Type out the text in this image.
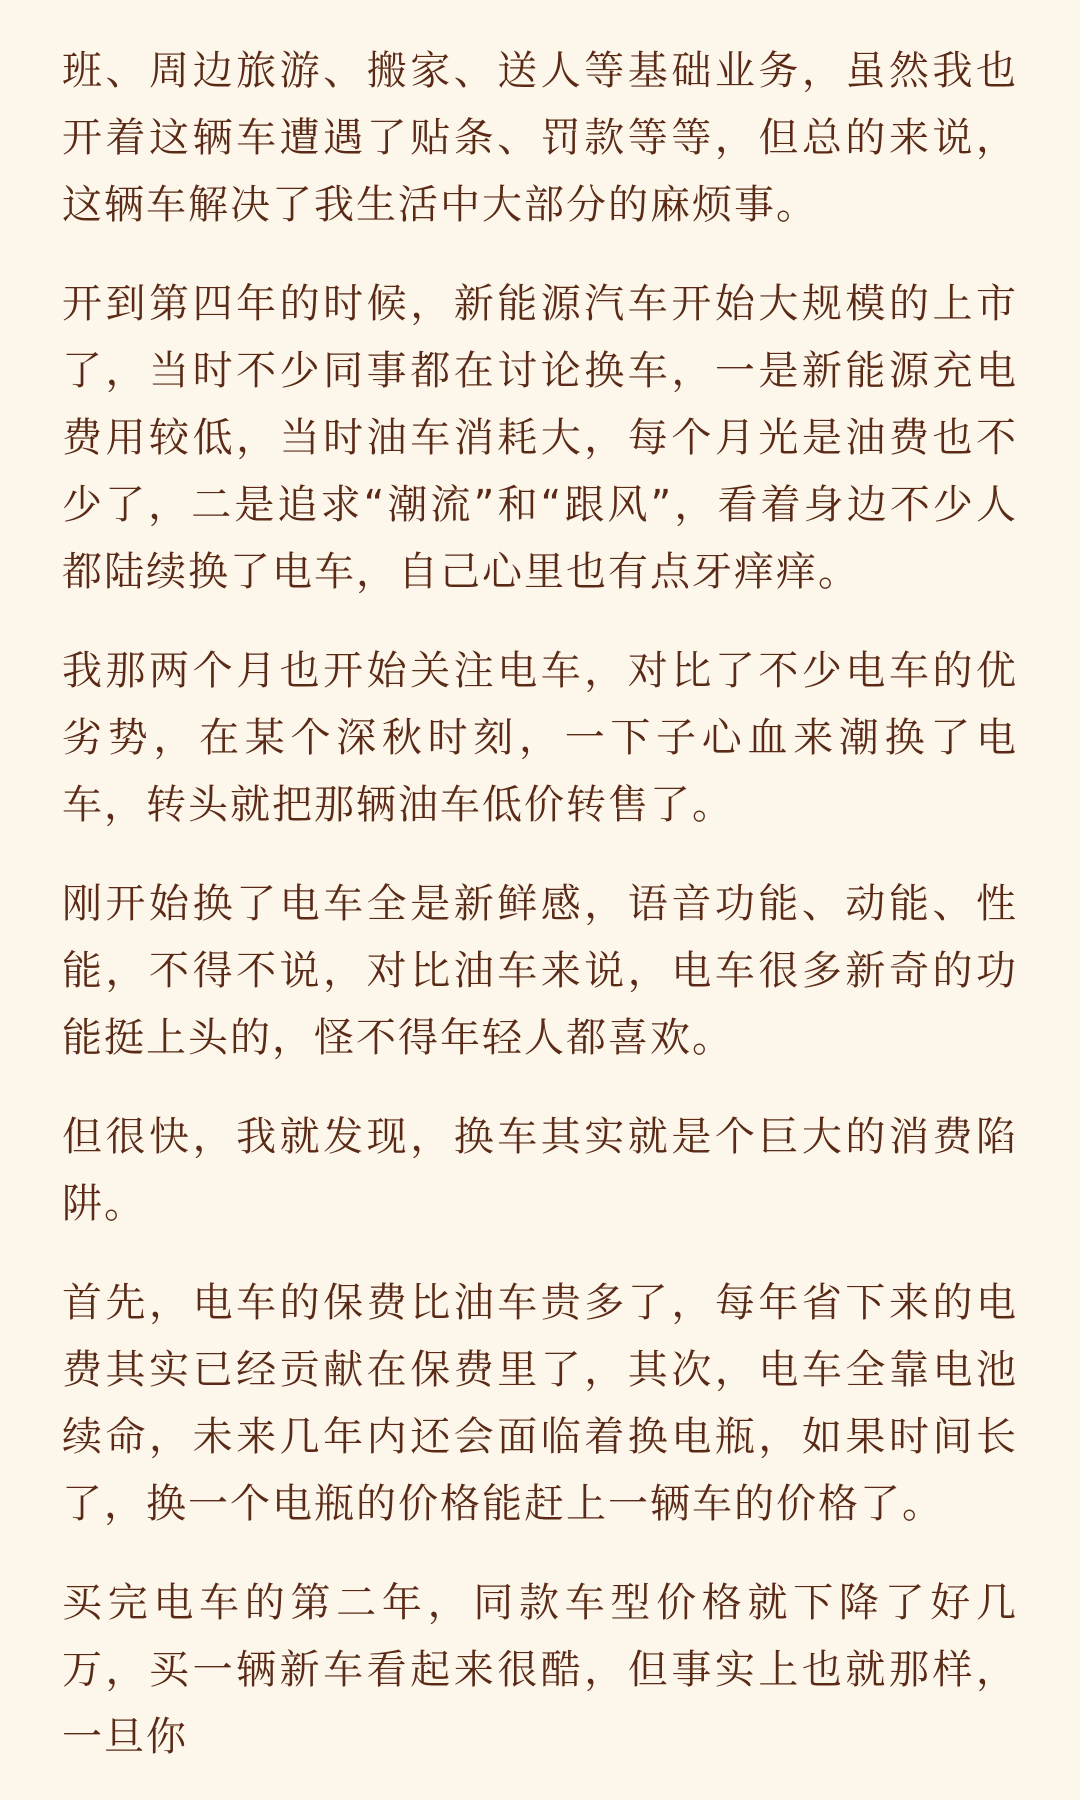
班、周边旅游、搬家、送人等基础业务，虽然我也开着这辆车遭遇了贴条、罚款等等，但总的来说，这辆车解决了我生活中大部分的麻烦事。

开到第四年的时候，新能源汽车开始大规模的上市了，当时不少同事都在讨论换车，一是新能源充电费用较低，当时油车消耗大，每个月光是油费也不少了，二是追求“潮流”和“跟风”，看着身边不少人都陆续换了电车，自己心里也有点牙痒痒。

我那两个月也开始关注电车，对比了不少电车的优劣势，在某个深秋时刻，一下子心血来潮换了电车，转头就把那辆油车低价转售了。

刚开始换了电车全是新鲜感，语音功能、动能、性能，不得不说，对比油车来说，电车很多新奇的功能挺上头的，怪不得年轻人都喜欢。

但很快，我就发现，换车其实就是个巨大的消费陷阱。

首先，电车的保费比油车贵多了，每年省下来的电费其实已经贡献在保费里了，其次，电车全靠电池续命，未来几年内还会面临着换电瓶，如果时间长了，换一个电瓶的价格能赶上一辆车的价格了。

买完电车的第二年，同款车型价格就下降了好几万，买一辆新车看起来很酷，但事实上也就那样，一旦你
